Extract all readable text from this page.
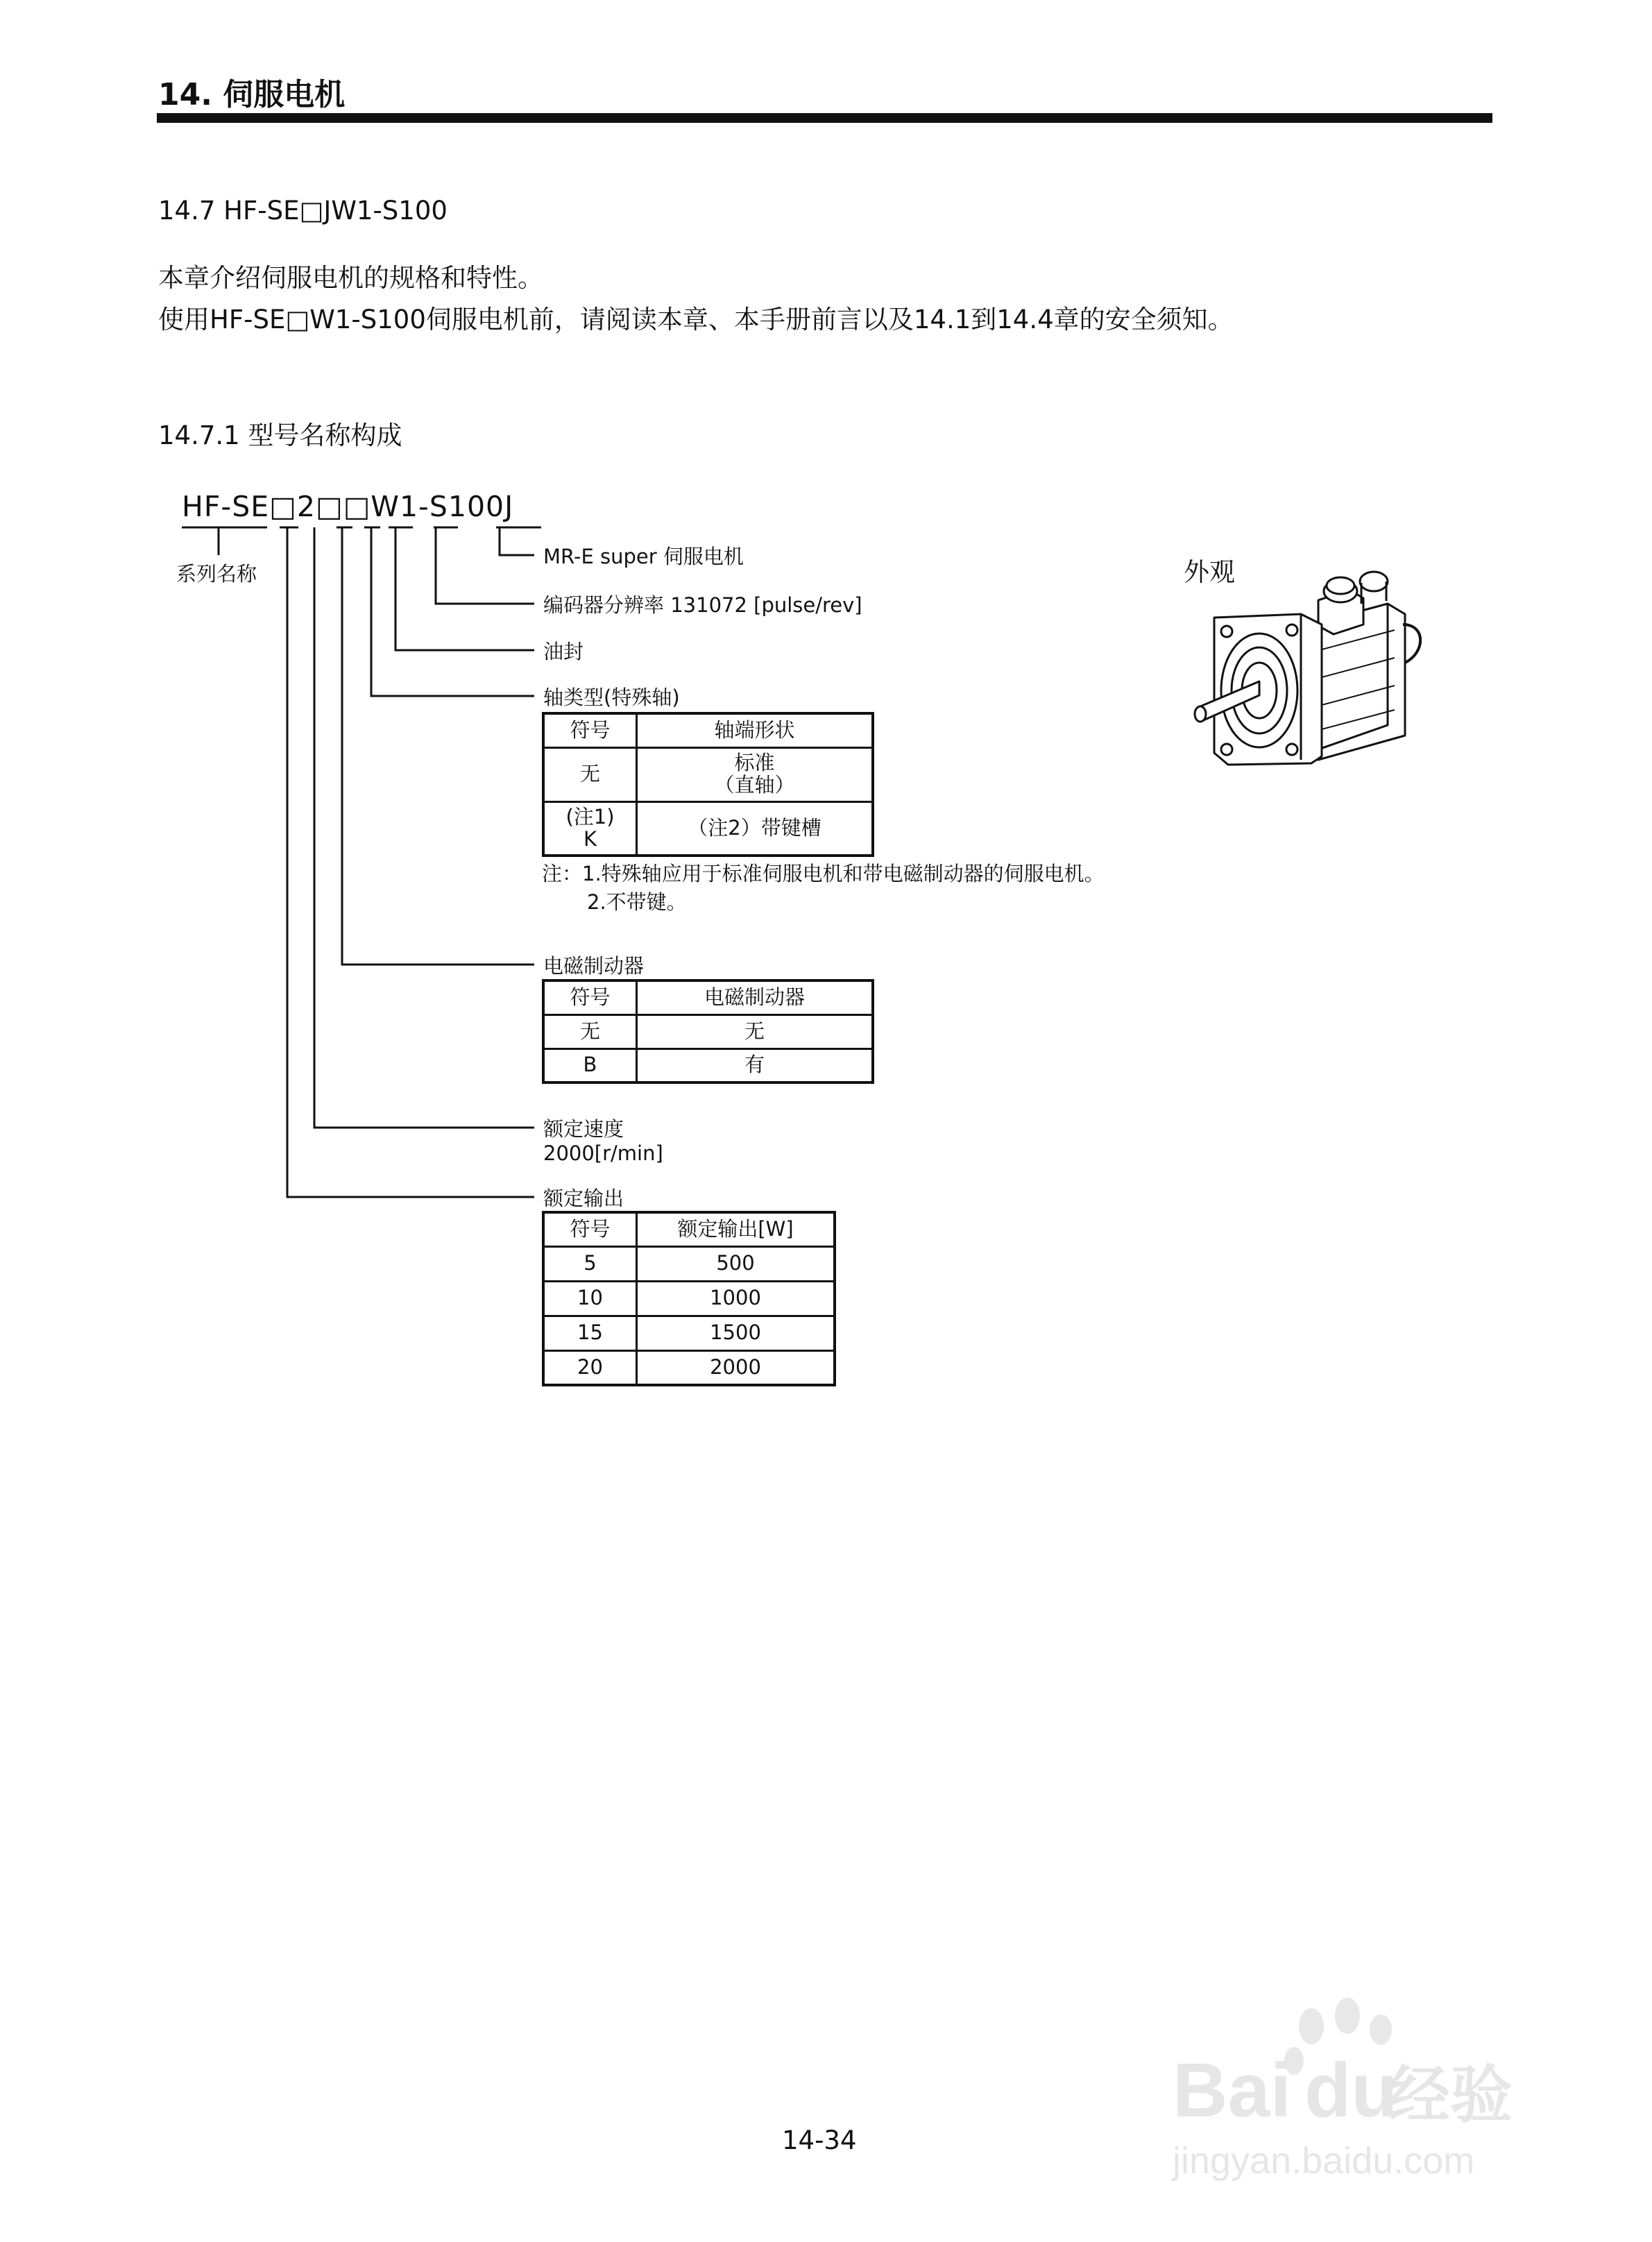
14. 伺服电机
14.7 HF-SE□JW1-S100
本章介绍伺服电机的规格和特性。
使用HF-SE□W1-S100伺服电机前，请阅读本章、本手册前言以及14.1到14.4章的安全须知。
14.7.1 型号名称构成
HF-SE□2□□W1-S100J
系列名称
MR-E super 伺服电机
编码器分辨率 131072 [pulse/rev]
油封
轴类型(特殊轴)
符号	轴端形状
无	标准
（直轴）

(注1)
K	（注2）带键槽
注：1.特殊轴应用于标准伺服电机和带电磁制动器的伺服电机。
2.不带键。
电磁制动器
符号	电磁制动器
无	无
B	有
额定速度
2000[r/min]
额定输出
符号	额定输出[W]
5	500
10	1000
15	1500
20	2000
外观
14-34
Bai du
经验
jingyan.baidu.com
